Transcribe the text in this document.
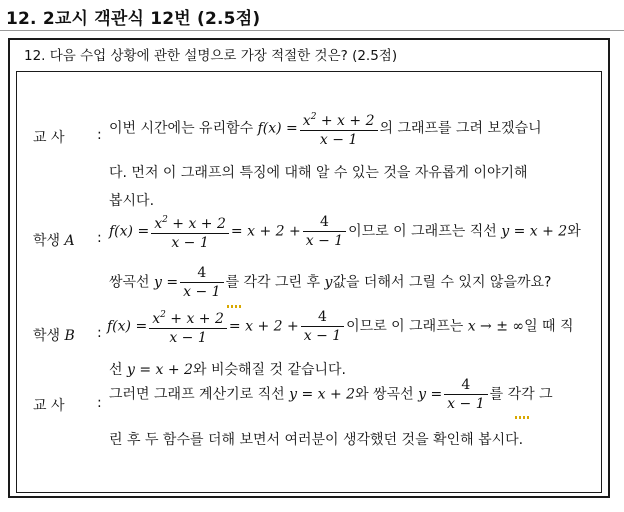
12. 2교시 객관식 12번 (2.5점)
12. 다음 수업 상황에 관한 설명으로 가장 적절한 것은? (2.5점)
교 사 : 이번 시간에는 유리함수 $f(x) = \frac{x^2 + x + 2}{x - 1}$ 의 그래프를 그려 보겠습니
다. 먼저 이 그래프의 특징에 대해 알 수 있는 것을 자유롭게 이야기해
봅시다.
학생 A : $f(x) = \frac{x^2 + x + 2}{x - 1} = x + 2 + \frac{4}{x - 1}$ 이므로 이 그래프는 직선 y = x + 2와
쌍곡선 $y = \frac{4}{x - 1}$ 를 각각 그린 후 y값을 더해서 그릴 수 있지 않을까요?
학생 B : $f(x) = \frac{x^2 + x + 2}{x - 1} = x + 2 + \frac{4}{x - 1}$ 이므로 이 그래프는 x → ± ∞일 때 직
선 y = x + 2와 비슷해질 것 같습니다.
교 사 :
그러면 그래프 계산기로 직선 y = x + 2와 쌍곡선 $y = \frac{4}{x - 1}$ 를 각각 그
린 후 두 함수를 더해 보면서 여러분이 생각했던 것을 확인해 봅시다.
